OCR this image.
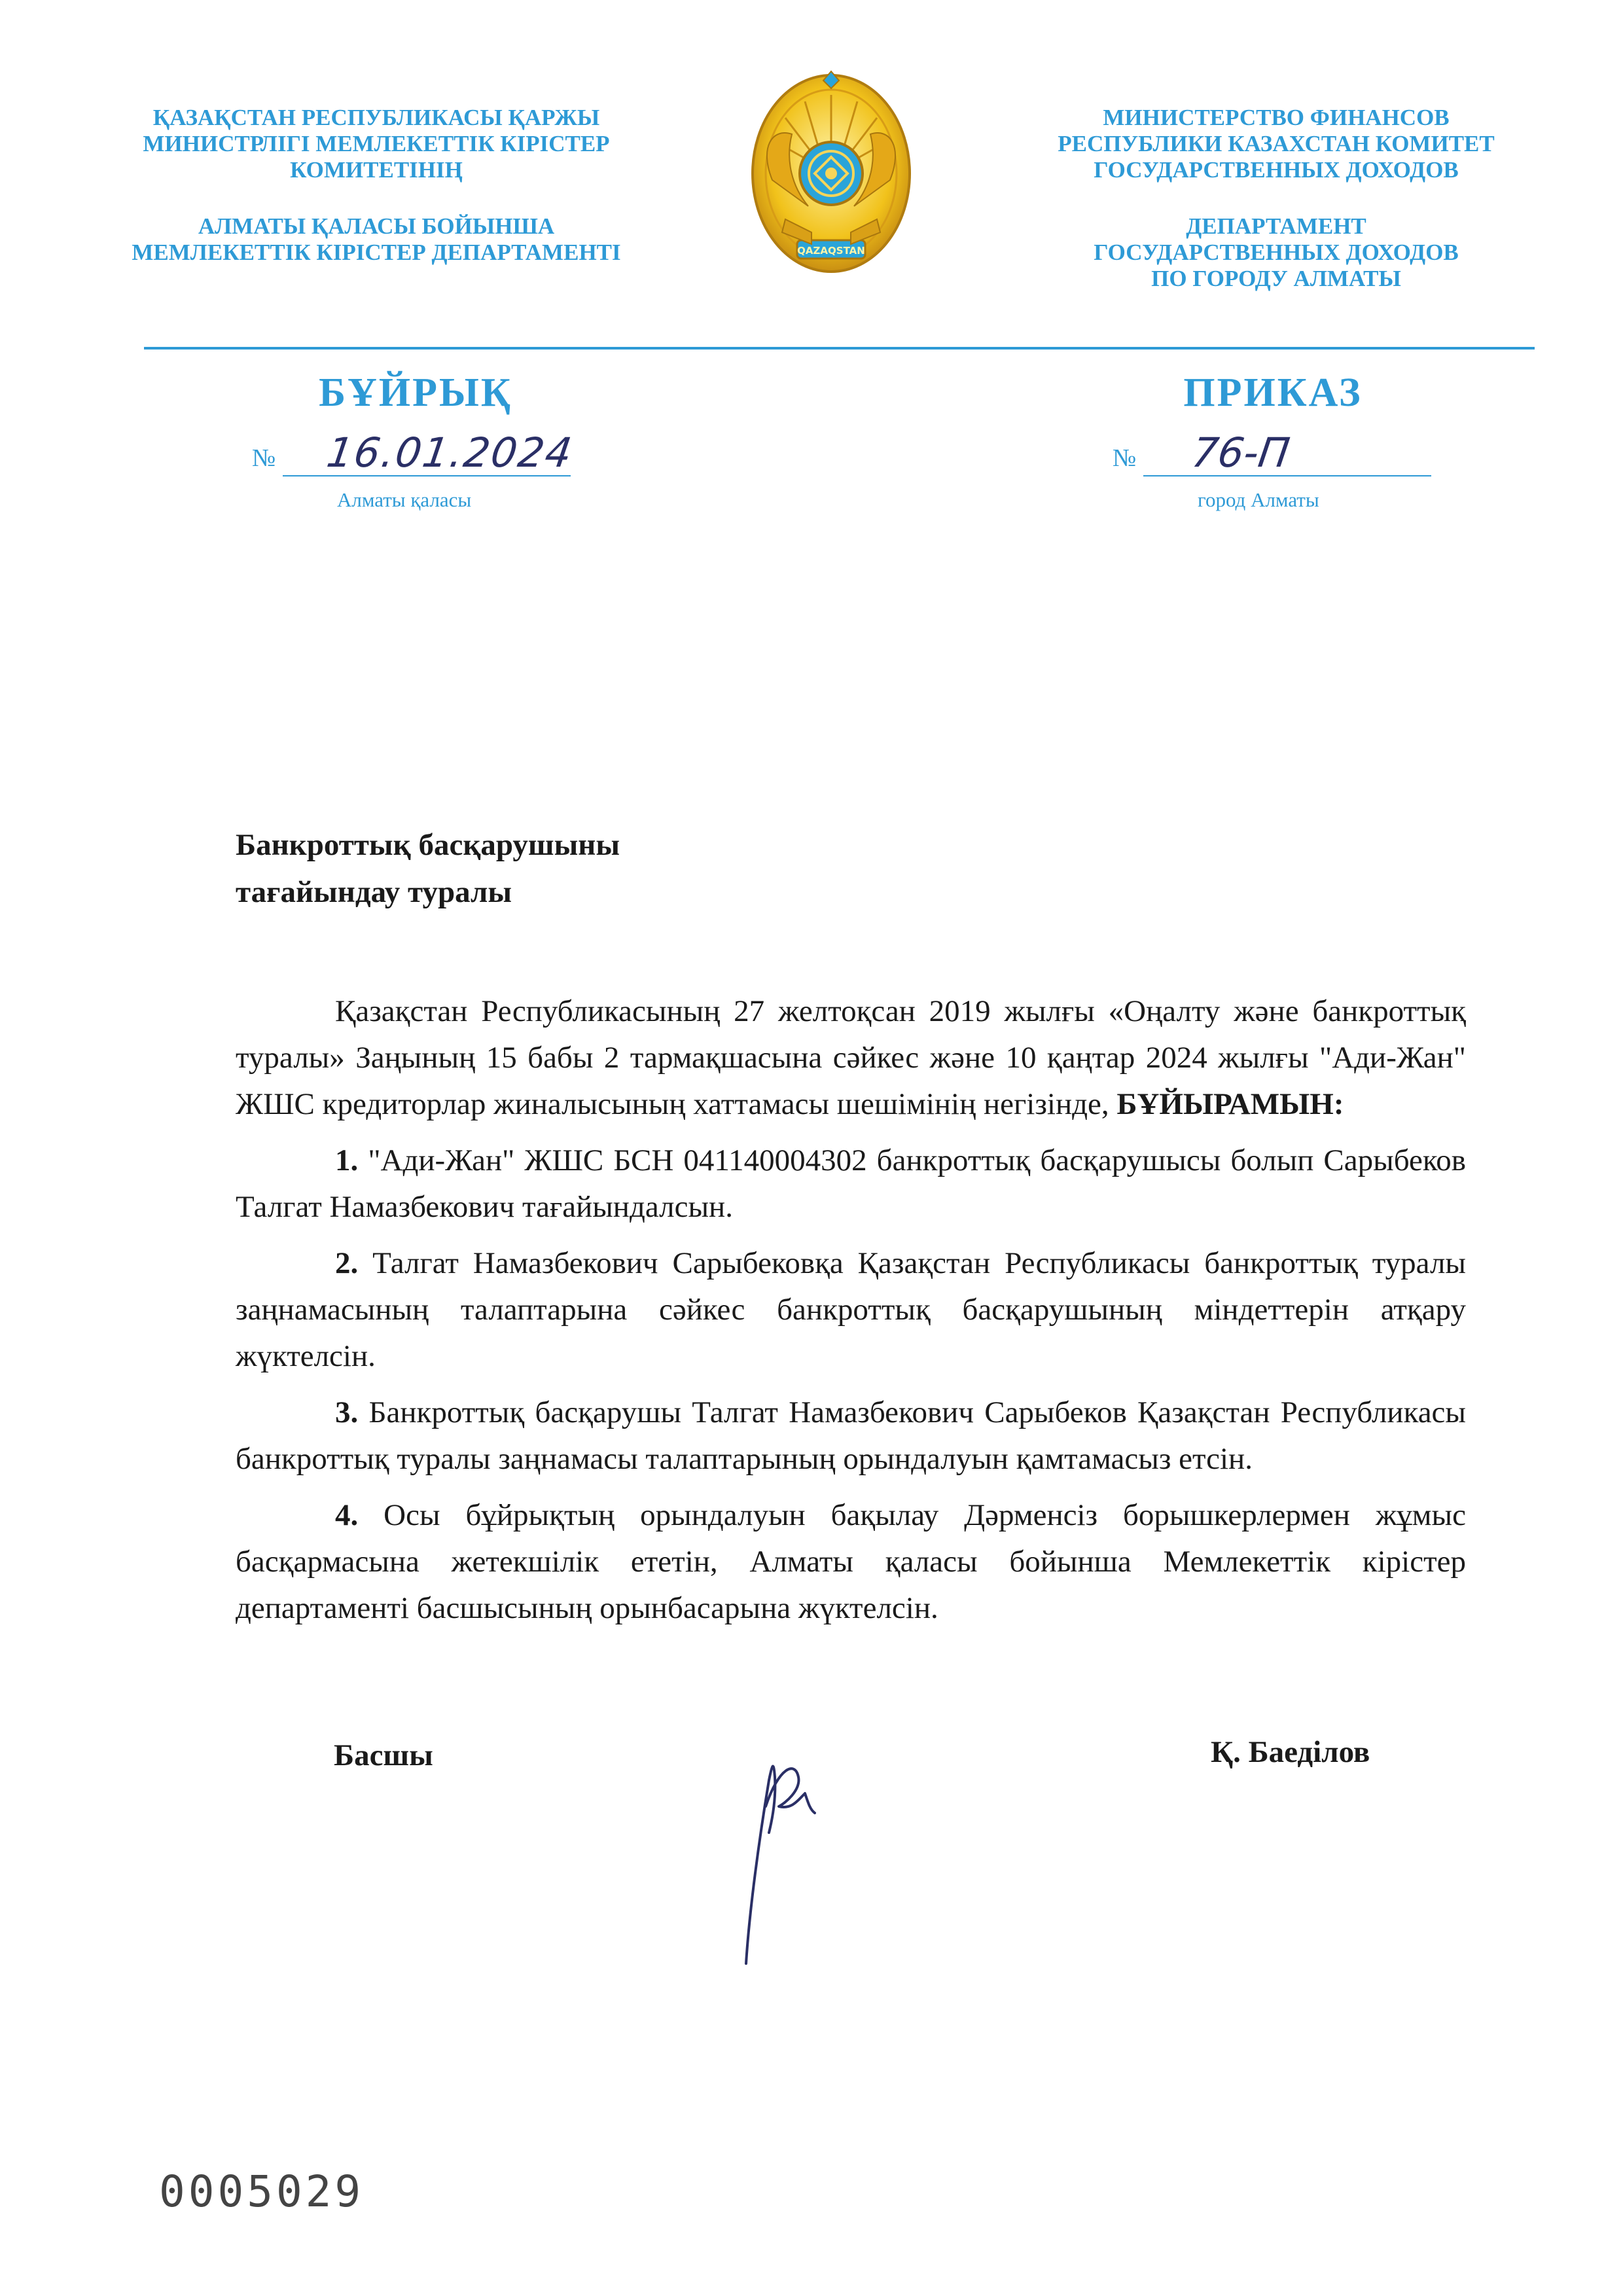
ҚАЗАҚСТАН РЕСПУБЛИКАСЫ ҚАРЖЫ
МИНИСТРЛІГІ МЕМЛЕКЕТТІК КІРІСТЕР
КОМИТЕТІНІҢ
АЛМАТЫ ҚАЛАСЫ БОЙЫНША
МЕМЛЕКЕТТІК КІРІСТЕР ДЕПАРТАМЕНТІ	QAZAQSTAN
МИНИСТЕРСТВО ФИНАНСОВ
РЕСПУБЛИКИ КАЗАХСТАН КОМИТЕТ
ГОСУДАРСТВЕННЫХ ДОХОДОВ
ДЕПАРТАМЕНТ
ГОСУДАРСТВЕННЫХ ДОХОДОВ
ПО ГОРОДУ АЛМАТЫ
БҰЙРЫҚ	ПРИКАЗ
№ 16.01.2024	№ 76-П
Алматы қаласы	город Алматы
Банкроттық басқарушыны
тағайындау туралы

Қазақстан Республикасының 27 желтоқсан 2019 жылғы «Оңалту және банкроттық туралы» Заңының 15 бабы 2 тармақшасына сәйкес және 10 қаңтар 2024 жылғы "Ади-Жан" ЖШС кредиторлар жиналысының хаттамасы шешімінің негізінде, БҰЙЫРАМЫН:

1. "Ади-Жан" ЖШС БСН 041140004302 банкроттық басқарушысы болып Сарыбеков Талгат Намазбекович тағайындалсын.

2. Талгат Намазбекович Сарыбековқа Қазақстан Республикасы банкроттық туралы заңнамасының талаптарына сәйкес банкроттық басқарушының міндеттерін атқару жүктелсін.

3. Банкроттық басқарушы Талгат Намазбекович Сарыбеков Қазақстан Республикасы банкроттық туралы заңнамасы талаптарының орындалуын қамтамасыз етсін.

4. Осы бұйрықтың орындалуын бақылау Дәрменсіз борышкерлермен жұмыс басқармасына жетекшілік ететін, Алматы қаласы бойынша Мемлекеттік кірістер департаменті басшысының орынбасарына жүктелсін.

Басшы	Қ. Баеділов
0005029
